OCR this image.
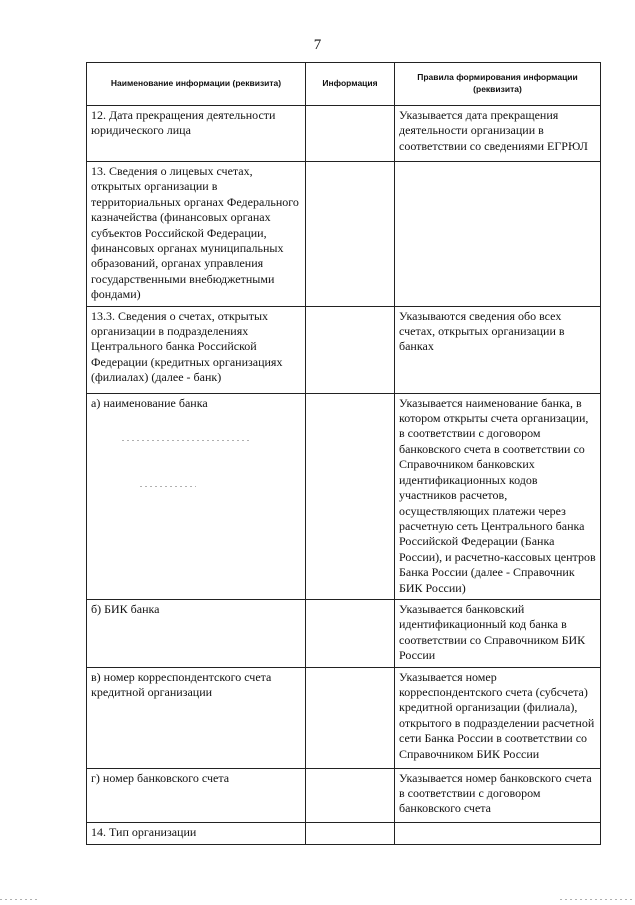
7
Наименование информации (реквизита)	Информация	Правила формирования информации (реквизита)
12. Дата прекращения деятельности юридического лица		Указывается дата прекращения деятельности организации в соответствии со сведениями ЕГРЮЛ
13. Сведения о лицевых счетах, открытых организации в территориальных органах Федерального казначейства (финансовых органах субъектов Российской Федерации, финансовых органах муниципальных образований, органах управления государственными внебюджетными фондами)		
13.3. Сведения о счетах, открытых организации в подразделениях Центрального банка Российской Федерации (кредитных организациях (филиалах) (далее - банк)		Указываются сведения обо всех счетах, открытых организации в банках
а) наименование банка		Указывается наименование банка, в котором открыты счета организации, в соответствии с договором банковского счета в соответствии со Справочником банковских идентификационных кодов участников расчетов, осуществляющих платежи через расчетную сеть Центрального банка Российской Федерации (Банка России), и расчетно-кассовых центров Банка России (далее - Справочник БИК России)
б) БИК банка		Указывается банковский идентификационный код банка в соответствии со Справочником БИК России
в) номер корреспондентского счета кредитной организации		Указывается номер корреспондентского счета (субсчета) кредитной организации (филиала), открытого в подразделении расчетной сети Банка России в соответствии со Справочником БИК России
г) номер банковского счета		Указывается номер банковского счета в соответствии с договором банковского счета
14. Тип организации		
